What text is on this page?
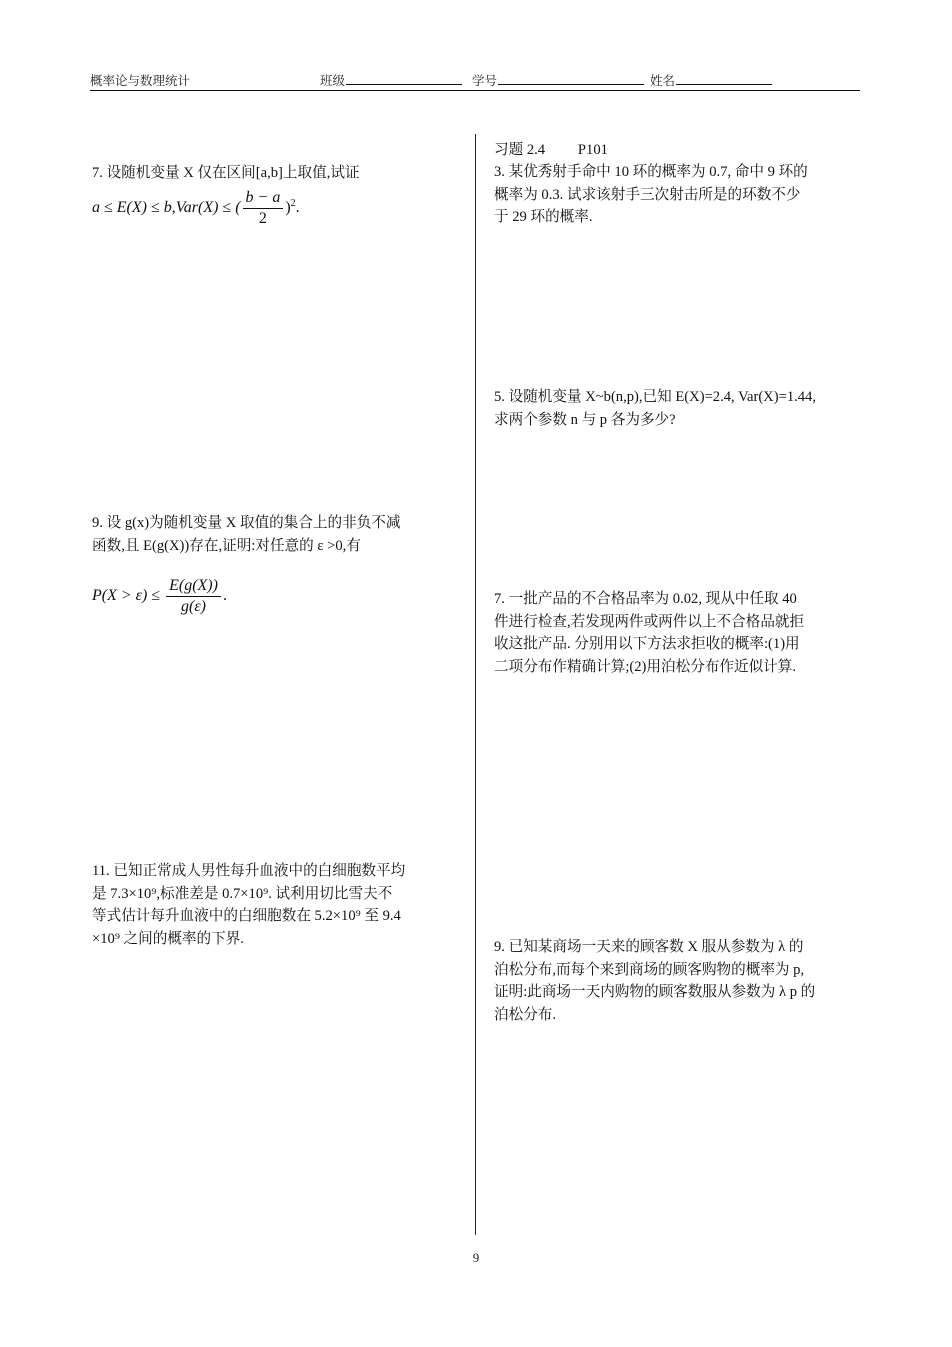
概率论与数理统计	班级	学号	姓名
7. 设随机变量 X 仅在区间[a,b]上取值,试证
a ≤ E(X) ≤ b,Var(X) ≤ ( $\frac{b - a}{2} )^2$.
9. 设 g(x)为随机变量 X 取值的集合上的非负不减
函数,且 E(g(X))存在,证明:对任意的 ε >0,有
$P(X > \varepsilon) \le \frac{E(g(X))}{g(\varepsilon)}$ .
11. 已知正常成人男性每升血液中的白细胞数平均
是 7.3×10⁹,标准差是 0.7×10⁹. 试利用切比雪夫不
等式估计每升血液中的白细胞数在 5.2×10⁹ 至 9.4
×10⁹ 之间的概率的下界.
习题 2.4　　 P101
3. 某优秀射手命中 10 环的概率为 0.7, 命中 9 环的
概率为 0.3. 试求该射手三次射击所是的环数不少
于 29 环的概率.
5. 设随机变量 X~b(n,p),已知 E(X)=2.4, Var(X)=1.44,
求两个参数 n 与 p 各为多少?
7. 一批产品的不合格品率为 0.02, 现从中任取 40
件进行检查,若发现两件或两件以上不合格品就拒
收这批产品. 分别用以下方法求拒收的概率:(1)用
二项分布作精确计算;(2)用泊松分布作近似计算.
9. 已知某商场一天来的顾客数 X 服从参数为 λ 的
泊松分布,而每个来到商场的顾客购物的概率为 p,
证明:此商场一天内购物的顾客数服从参数为 λ p 的
泊松分布.
9
